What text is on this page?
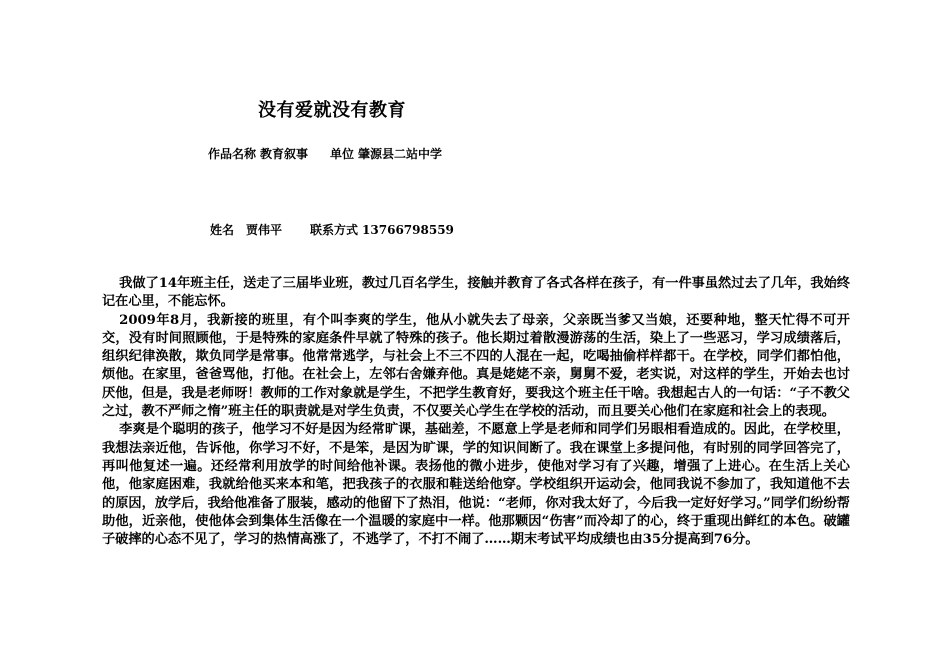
没有爱就没有教育
作品名称 教育叙事 单位 肇源县二站中学
姓名 贾伟平 联系方式 13766798559

我做了14年班主任，送走了三届毕业班，教过几百名学生，接触并教育了各式各样在孩子，有一件事虽然过去了几年，我始终记在心里，不能忘怀。

2009年8月，我新接的班里，有个叫李爽的学生，他从小就失去了母亲，父亲既当爹又当娘，还要种地，整天忙得不可开交，没有时间照顾他，于是特殊的家庭条件早就了特殊的孩子。他长期过着散漫游荡的生活，染上了一些恶习，学习成绩落后，组织纪律涣散，欺负同学是常事。他常常逃学，与社会上不三不四的人混在一起，吃喝抽偷样样都干。在学校，同学们都怕他，烦他。在家里，爸爸骂他，打他。在社会上，左邻右舍嫌弃他。真是姥姥不亲，舅舅不爱，老实说，对这样的学生，开始去也讨厌他，但是，我是老师呀！教师的工作对象就是学生，不把学生教育好，要我这个班主任干啥。我想起古人的一句话：“子不教父之过，教不严师之惰”班主任的职责就是对学生负责，不仅要关心学生在学校的活动，而且要关心他们在家庭和社会上的表现。

李爽是个聪明的孩子，他学习不好是因为经常旷课，基础差，不愿意上学是老师和同学们另眼相看造成的。因此，在学校里，我想法亲近他，告诉他，你学习不好，不是笨，是因为旷课，学的知识间断了。我在课堂上多提问他，有时别的同学回答完了，再叫他复述一遍。还经常利用放学的时间给他补课。表扬他的微小进步，使他对学习有了兴趣，增强了上进心。在生活上关心他，他家庭困难，我就给他买来本和笔，把我孩子的衣服和鞋送给他穿。学校组织开运动会，他同我说不参加了，我知道他不去的原因，放学后，我给他准备了服装，感动的他留下了热泪，他说：“老师，你对我太好了，今后我一定好好学习。”同学们纷纷帮助他，近亲他，使他体会到集体生活像在一个温暖的家庭中一样。他那颗因“伤害”而冷却了的心，终于重现出鲜红的本色。破罐子破摔的心态不见了，学习的热情高涨了，不逃学了，不打不闹了……期末考试平均成绩也由35分提高到76分。
